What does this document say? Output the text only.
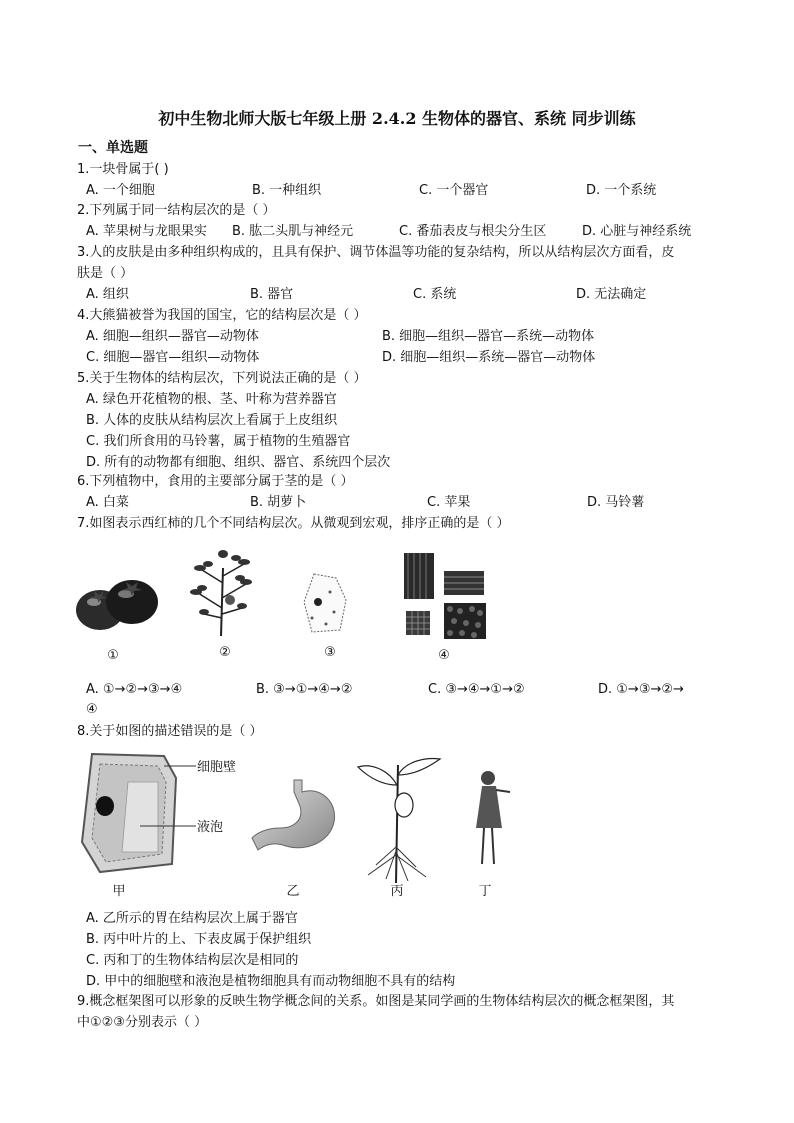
初中生物北师大版七年级上册 2.4.2 生物体的器官、系统 同步训练
一、单选题
1.一块骨属于( )
A. 一个细胞	B. 一种组织	C. 一个器官	D. 一个系统
2.下列属于同一结构层次的是（ ）
A. 苹果树与龙眼果实 B. 肱二头肌与神经元	C. 番茄表皮与根尖分生区	D. 心脏与神经系统
3.人的皮肤是由多种组织构成的，且具有保护、调节体温等功能的复杂结构，所以从结构层次方面看，皮
肤是（ ）
A. 组织	B. 器官	C. 系统	D. 无法确定
4.大熊猫被誉为我国的国宝，它的结构层次是（ ）
A. 细胞—组织—器官—动物体	B. 细胞—组织—器官—系统—动物体
C. 细胞—器官—组织—动物体	D. 细胞—组织—系统—器官—动物体
5.关于生物体的结构层次，下列说法正确的是（ ）
A. 绿色开花植物的根、茎、叶称为营养器官
B. 人体的皮肤从结构层次上看属于上皮组织
C. 我们所食用的马铃薯，属于植物的生殖器官
D. 所有的动物都有细胞、组织、器官、系统四个层次
6.下列植物中，食用的主要部分属于茎的是（ ）
A. 白菜	B. 胡萝卜	C. 苹果	D. 马铃薯
7.如图表示西红柿的几个不同结构层次。从微观到宏观，排序正确的是（ ）
①	②	③	④
A. ①→②→③→④	B. ③→①→④→②	C. ③→④→①→②	D. ①→③→②→
④
8.关于如图的描述错误的是（ ）
细胞壁
液泡
甲	乙	丙	丁
A. 乙所示的胃在结构层次上属于器官
B. 丙中叶片的上、下表皮属于保护组织
C. 丙和丁的生物体结构层次是相同的
D. 甲中的细胞壁和液泡是植物细胞具有而动物细胞不具有的结构
9.概念框架图可以形象的反映生物学概念间的关系。如图是某同学画的生物体结构层次的概念框架图，其
中①②③分别表示（ ）
